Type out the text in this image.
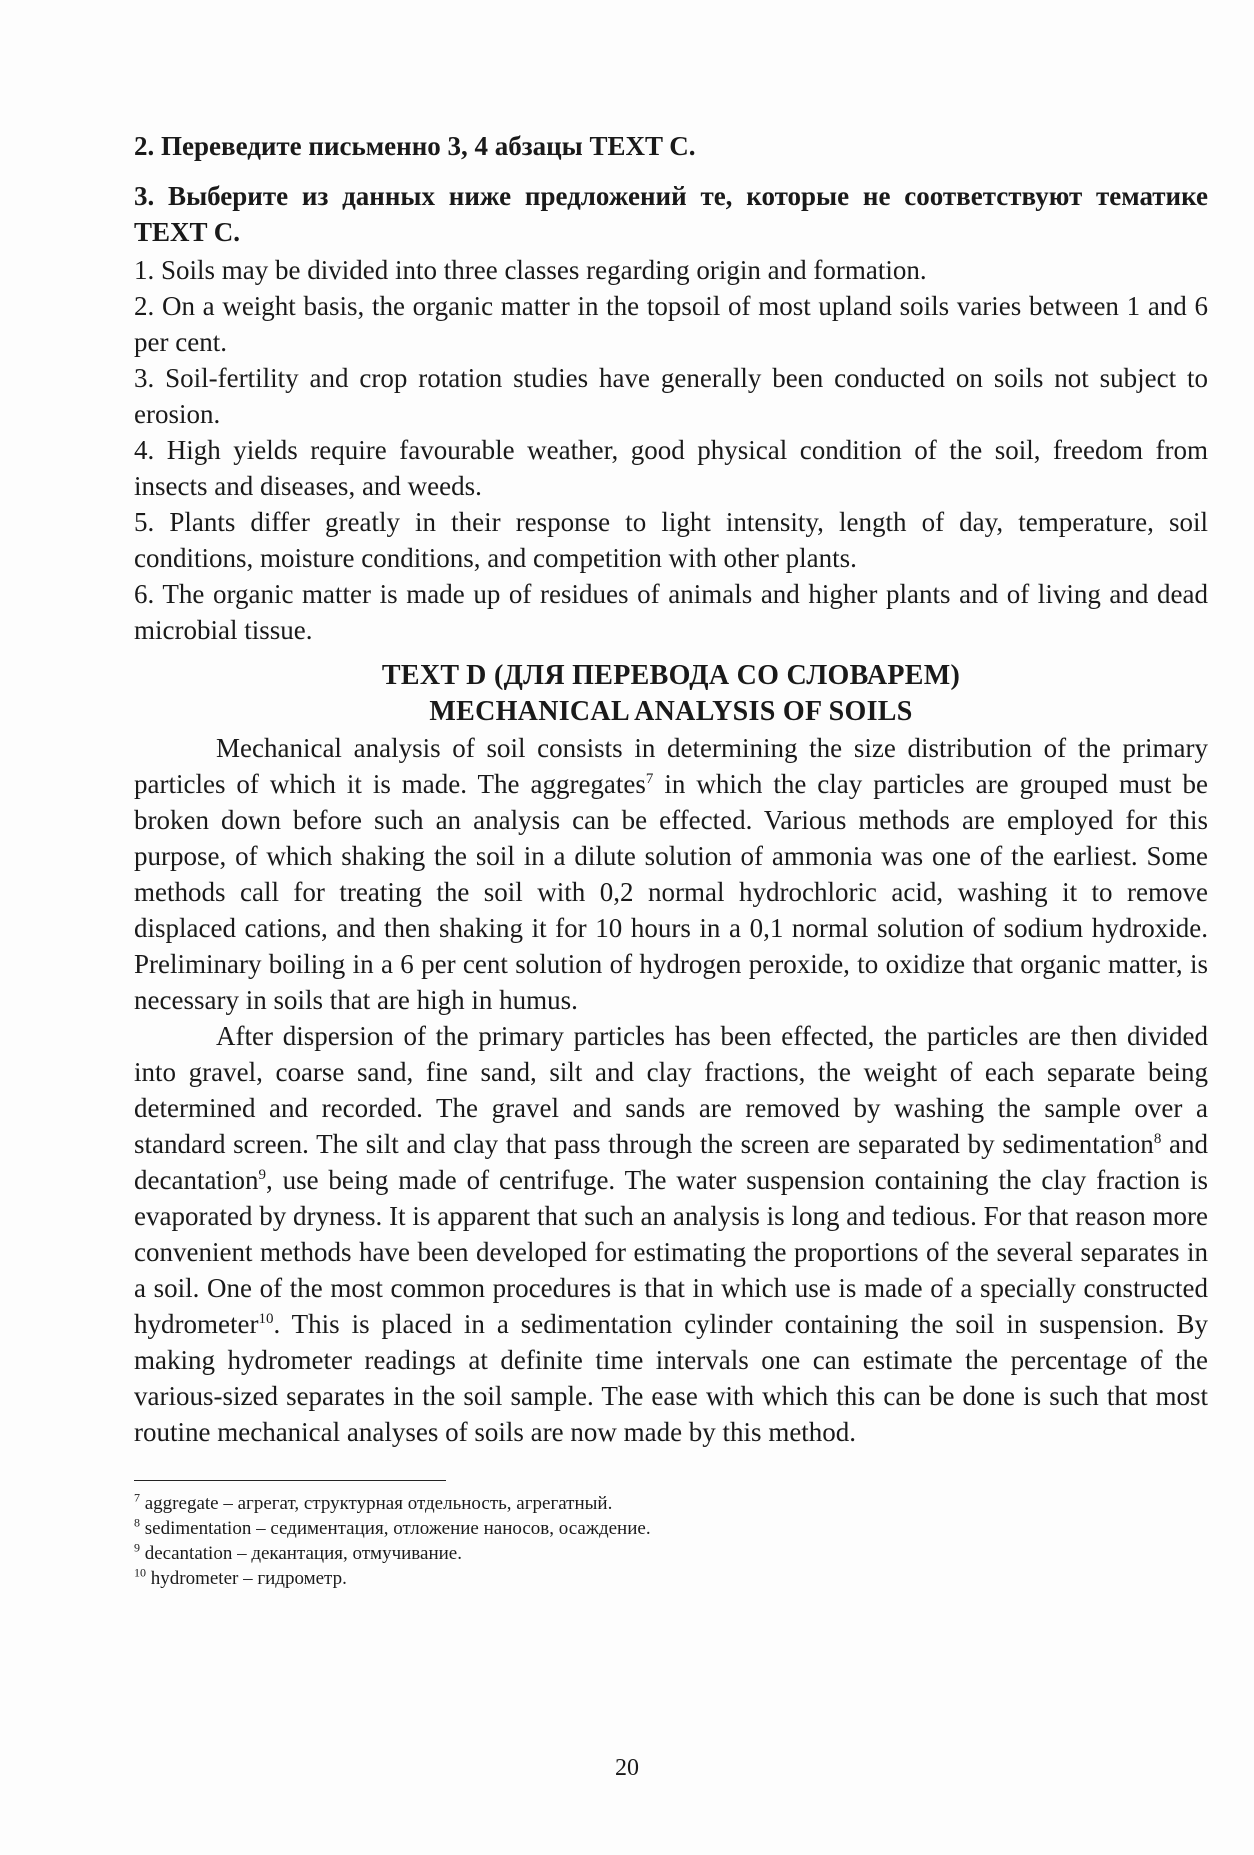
2. Переведите письменно 3, 4 абзацы TEXT C.

3. Выберите из данных ниже предложений те, которые не соответствуют тематике TEXT C.

1. Soils may be divided into three classes regarding origin and formation.

2. On a weight basis, the organic matter in the topsoil of most upland soils varies between 1 and 6 per cent.

3. Soil-fertility and crop rotation studies have generally been conducted on soils not subject to erosion.

4. High yields require favourable weather, good physical condition of the soil, freedom from insects and diseases, and weeds.

5. Plants differ greatly in their response to light intensity, length of day, temperature, soil conditions, moisture conditions, and competition with other plants.

6. The organic matter is made up of residues of animals and higher plants and of living and dead microbial tissue.

TEXT D (ДЛЯ ПЕРЕВОДА СО СЛОВАРЕМ)
MECHANICAL ANALYSIS OF SOILS

Mechanical analysis of soil consists in determining the size distribution of the primary particles of which it is made. The aggregates$^7$ in which the clay particles are grouped must be broken down before such an analysis can be effected. Various methods are employed for this purpose, of which shaking the soil in a dilute solution of ammonia was one of the earliest. Some methods call for treating the soil with 0,2 normal hydrochloric acid, washing it to remove displaced cations, and then shaking it for 10 hours in a 0,1 normal solution of sodium hydroxide. Preliminary boiling in a 6 per cent solution of hydrogen peroxide, to oxidize that organic matter, is necessary in soils that are high in humus.

After dispersion of the primary particles has been effected, the particles are then divided into gravel, coarse sand, fine sand, silt and clay fractions, the weight of each separate being determined and recorded. The gravel and sands are removed by washing the sample over a standard screen. The silt and clay that pass through the screen are separated by sedimentation$^8$ and decantation$^9$, use being made of centrifuge. The water suspension containing the clay fraction is evaporated by dryness. It is apparent that such an analysis is long and tedious. For that reason more convenient methods have been developed for estimating the proportions of the several separates in a soil. One of the most common procedures is that in which use is made of a specially constructed hydrometer$^{10}$. This is placed in a sedimentation cylinder containing the soil in suspension. By making hydrometer readings at definite time intervals one can estimate the percentage of the various-sized separates in the soil sample. The ease with which this can be done is such that most routine mechanical analyses of soils are now made by this method.

$^7$ aggregate – агрегат, структурная отдельность, агрегатный.

$^8$ sedimentation – седиментация, отложение наносов, осаждение.

$^9$ decantation – декантация, отмучивание.

$^{10}$ hydrometer – гидрометр.

20
